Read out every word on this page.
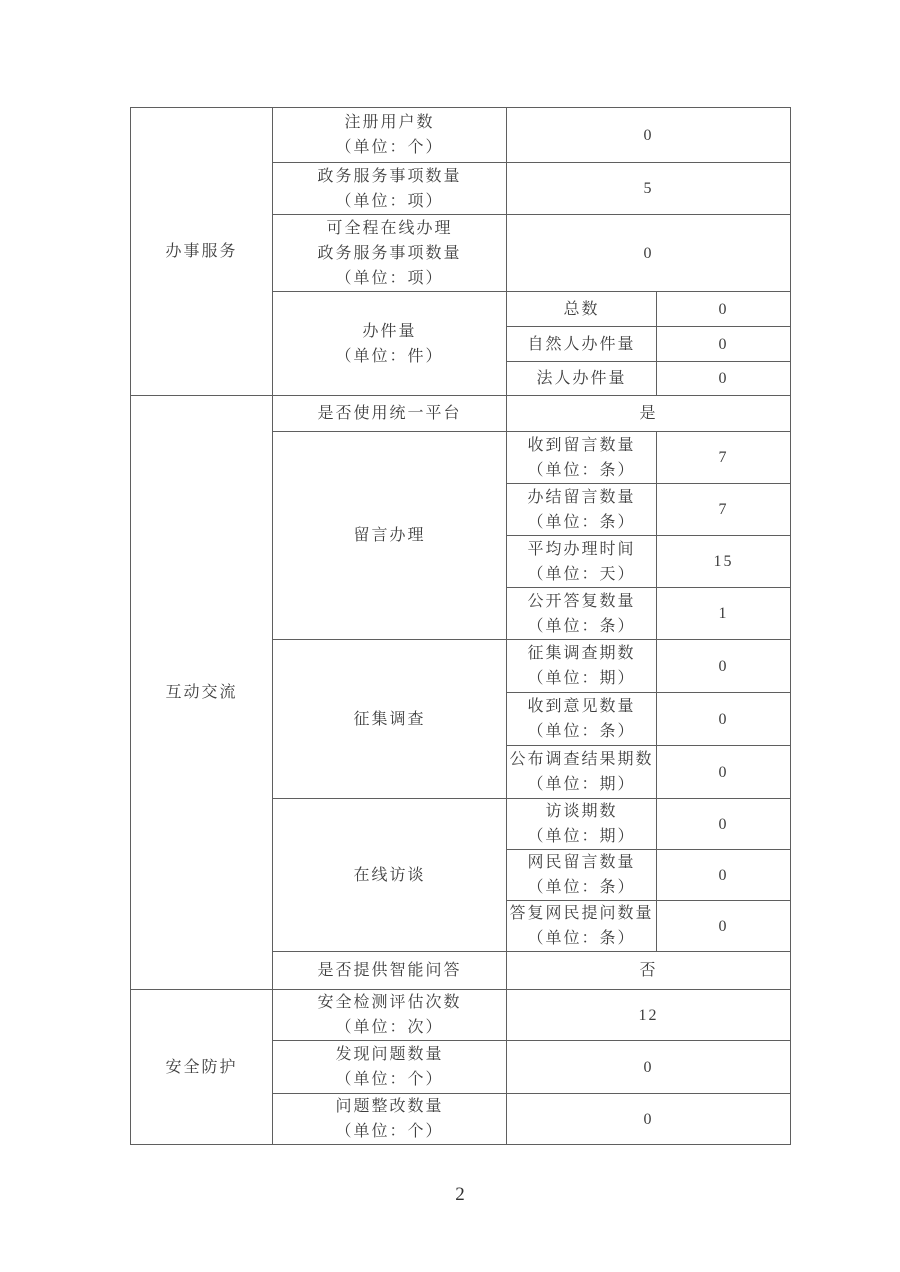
办事服务	注册用户数
（单位：个）	0	

	政务服务事项数量
（单位：项）	5	

	可全程在线办理
政务服务事项数量
（单位：项）	0	

	办件量
（单位：件）	总数	0
		自然人办件量	0
		法人办件量	0

互动交流	是否使用统一平台	是	
	留言办理	收到留言数量
（单位：条）	7

		办结留言数量
（单位：条）	7

		平均办理时间
（单位：天）	15

		公开答复数量
（单位：条）	1
	征集调查	征集调查期数
（单位：期）	0

		收到意见数量
（单位：条）	0

		公布调查结果期数
（单位：期）	0
	在线访谈	访谈期数
（单位：期）	0

		网民留言数量
（单位：条）	0

		答复网民提问数量
（单位：条）	0
	是否提供智能问答	否	

安全防护	安全检测评估次数
（单位：次）	12	

	发现问题数量
（单位：个）	0	

	问题整改数量
（单位：个）	0	
2
